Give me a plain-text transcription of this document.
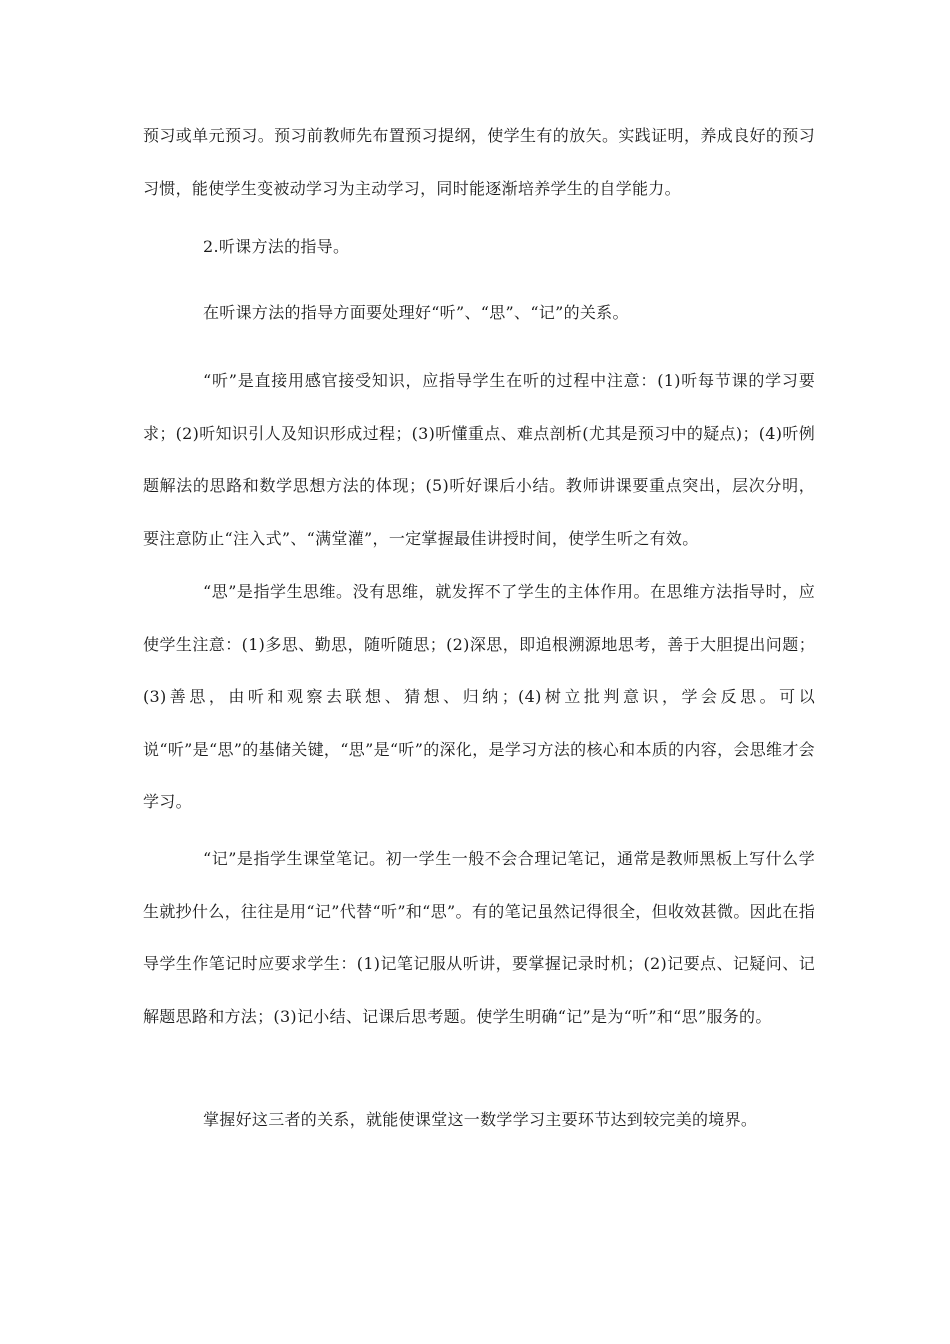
预习或单元预习。预习前教师先布置预习提纲，使学生有的放矢。实践证明，养成良好的预习习惯，能使学生变被动学习为主动学习，同时能逐渐培养学生的自学能力。

2.听课方法的指导。

在听课方法的指导方面要处理好“听”、“思”、“记”的关系。

“听”是直接用感官接受知识，应指导学生在听的过程中注意：(1)听每节课的学习要求；(2)听知识引人及知识形成过程；(3)听懂重点、难点剖析(尤其是预习中的疑点)；(4)听例题解法的思路和数学思想方法的体现；(5)听好课后小结。教师讲课要重点突出，层次分明，要注意防止“注入式”、“满堂灌”，一定掌握最佳讲授时间，使学生听之有效。

“思”是指学生思维。没有思维，就发挥不了学生的主体作用。在思维方法指导时，应使学生注意：(1)多思、勤思，随听随思；(2)深思，即追根溯源地思考，善于大胆提出问题；(3)善思，由听和观察去联想、猜想、归纳；(4)树立批判意识，学会反思。可以说“听”是“思”的基储关键，“思”是“听”的深化，是学习方法的核心和本质的内容，会思维才会学习。

“记”是指学生课堂笔记。初一学生一般不会合理记笔记，通常是教师黑板上写什么学生就抄什么，往往是用“记”代替“听”和“思”。有的笔记虽然记得很全，但收效甚微。因此在指导学生作笔记时应要求学生：(1)记笔记服从听讲，要掌握记录时机；(2)记要点、记疑问、记解题思路和方法；(3)记小结、记课后思考题。使学生明确“记”是为“听”和“思”服务的。

掌握好这三者的关系，就能使课堂这一数学学习主要环节达到较完美的境界。
